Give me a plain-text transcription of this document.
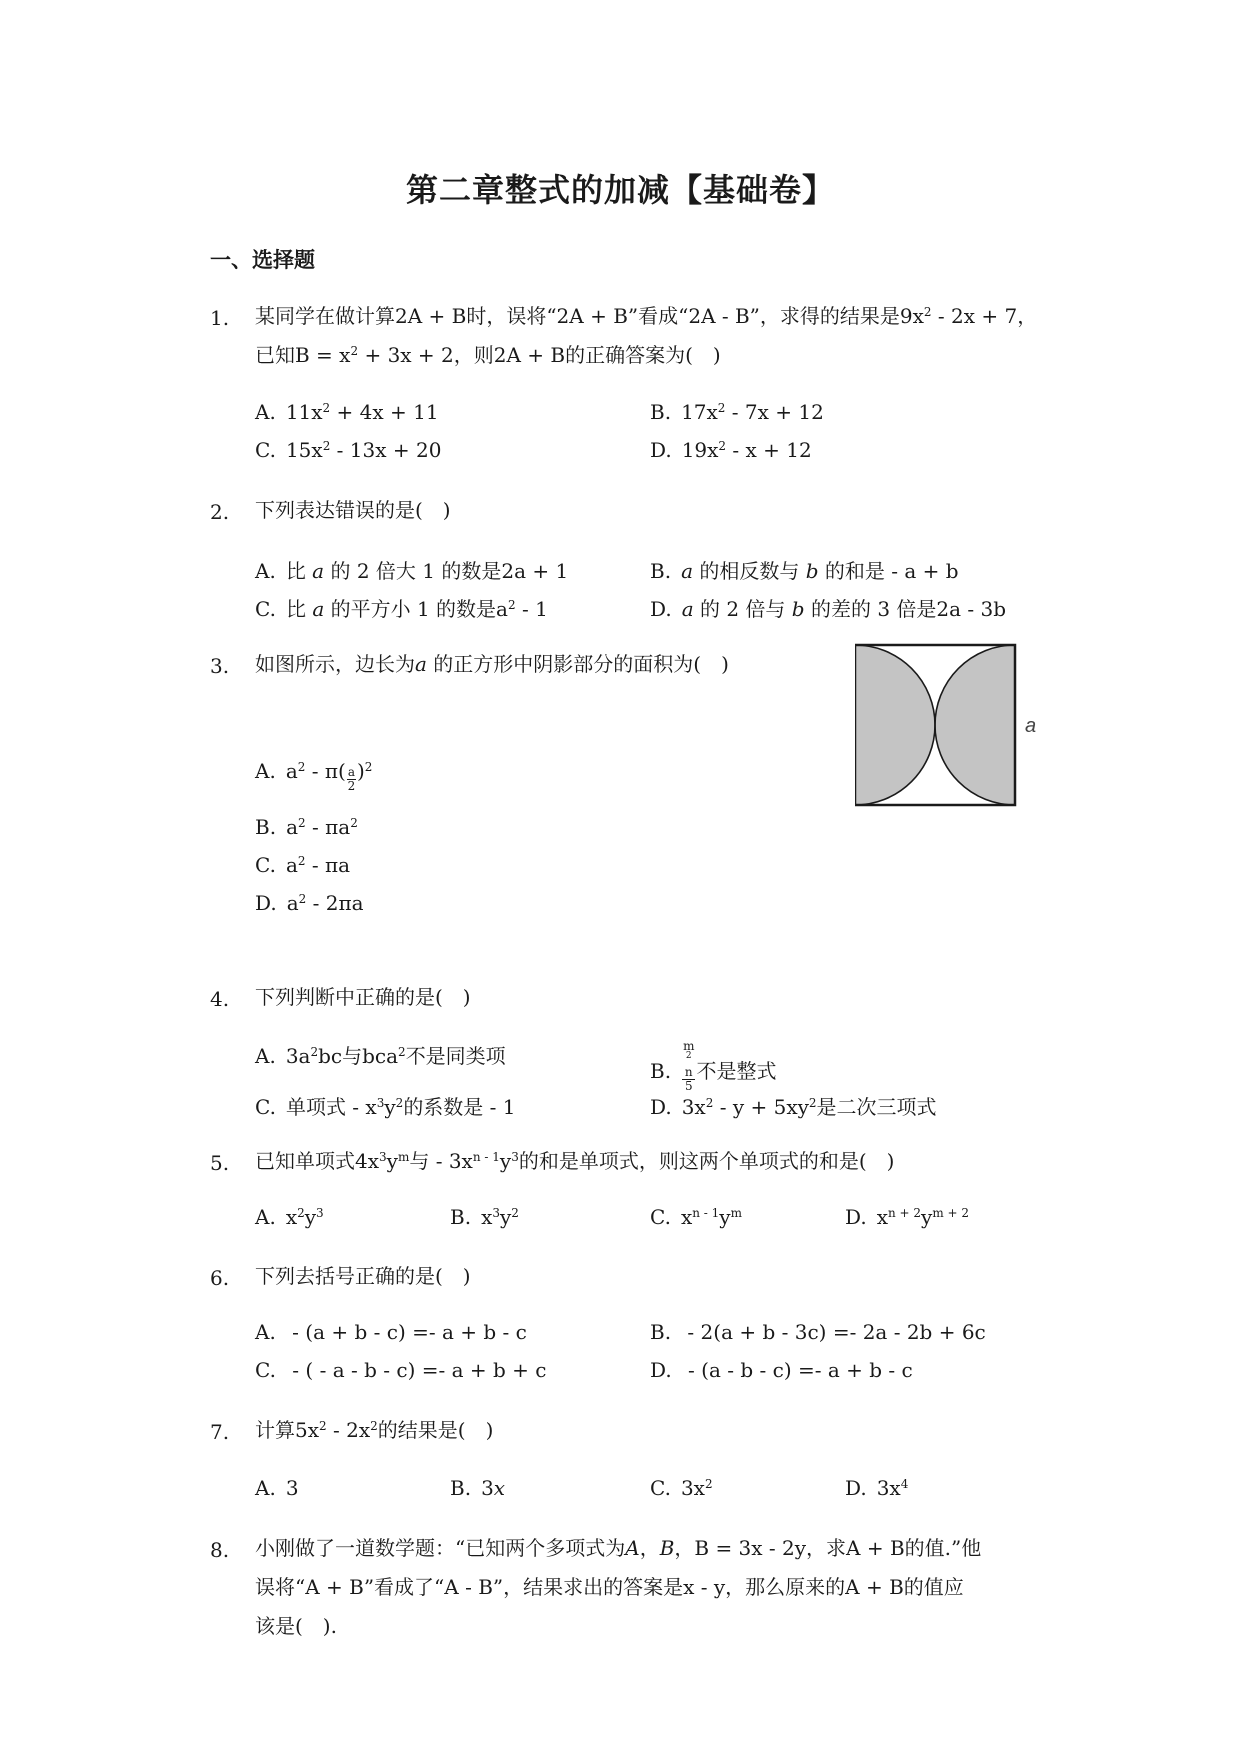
第二章整式的加减【基础卷】
一、选择题
1. 某同学在做计算2A + B时，误将“2A + B”看成“2A - B”，求得的结果是$9x^2 - 2x + 7$，
已知$B = x^2 + 3x + 2$，则2A + B的正确答案为(　)
A. $11x^2 + 4x + 11$	B. $17x^2 - 7x + 12$
C. $15x^2 - 13x + 20$	D. $19x^2 - x + 12$
2. 下列表达错误的是(　)
A. 比 a 的 2 倍大 1 的数是2a + 1	B. a 的相反数与 b 的和是 - a + b
C. 比 a 的平方小 1 的数是$a^2 - 1$	D. a 的 2 倍与 b 的差的 3 倍是2a - 3b
3. 如图所示，边长为a 的正方形中阴影部分的面积为(　)
a
A. $a^2 - \pi( \frac{a}{2} )^2$
B. $a^2 - \pi a^2$
C. $a^2$ - πa
D. $a^2 - 2\pi a$
4. 下列判断中正确的是(　)
A. $3a^2bc$与bca$^2$不是同类项
B. m
$^2$
n
5 不是整式
C. 单项式 - $x^3y^2$的系数是 - 1	D. $3x^2 - y + 5xy^2$是二次三项式
5. 已知单项式$4x^3y^m$与 - $3x^{n - 1}y^3$的和是单项式，则这两个单项式的和是(　)
A. $x^2y^3$	B. $x^3y^2$	C. $x^{n - 1}y^m$	D. $x^{n + 2}y^{m + 2}$
6. 下列去括号正确的是(　)
A. - (a + b - c) =- a + b - c	B. - 2(a + b - 3c) =- 2a - 2b + 6c
C. - ( - a - b - c) =- a + b + c	D. - (a - b - c) =- a + b - c
7. 计算$5x^2 - 2x^2$的结果是(　)
A. 3	B. 3x	C. $3x^2$	D. $3x^4$
8. 小刚做了一道数学题：“已知两个多项式为A，B，B = 3x - 2y，求A + B的值.”他
误将“A + B”看成了“A - B”，结果求出的答案是x - y，那么原来的A + B的值应
该是(　).
